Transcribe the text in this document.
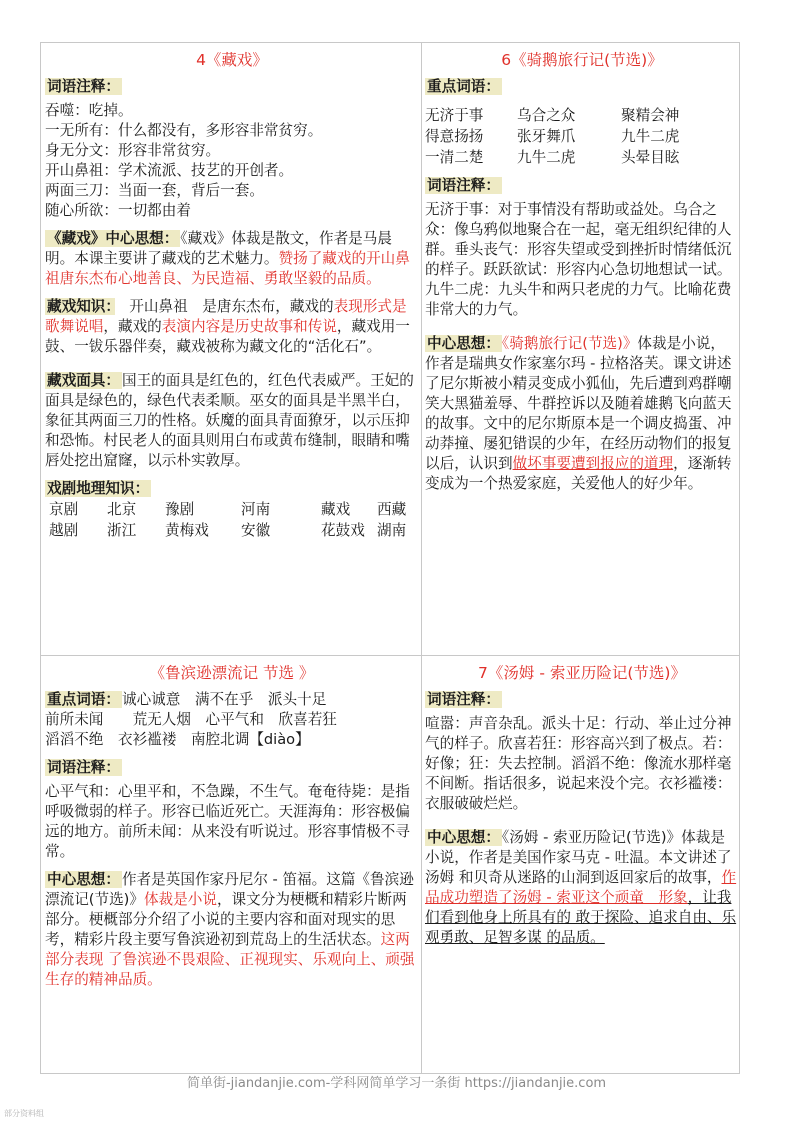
4《藏戏》
词语注释：
吞噬：吃掉。
一无所有：什么都没有，多形容非常贫穷。
身无分文：形容非常贫穷。
开山鼻祖：学术流派、技艺的开创者。
两面三刀：当面一套，背后一套。
随心所欲：一切都由着
《藏戏》中心思想： 《藏戏》体裁是散文，作者是马晨明。本课主要讲了藏戏的艺术魅力。赞扬了藏戏的开山鼻祖唐东杰布心地善良、为民造福、勇敢坚毅的品质。
藏戏知识：　 开山鼻祖　是唐东杰布，藏戏的表现形式是歌舞说唱，藏戏的表演内容是历史故事和传说，藏戏用一鼓、一钹乐器伴奏，藏戏被称为藏文化的“活化石”。
藏戏面具： 国王的面具是红色的，红色代表威严。王妃的面具是绿色的，绿色代表柔顺。巫女的面具是半黑半白，象征其两面三刀的性格。妖魔的面具青面獠牙，以示压抑和恐怖。村民老人的面具则用白布或黄布缝制，眼睛和嘴唇处挖出窟窿，以示朴实敦厚。
戏剧地理知识：
京剧	北京	豫剧	河南	藏戏	西藏
越剧	浙江	黄梅戏	安徽	花鼓戏 湖南
6《骑鹅旅行记(节选)》
重点词语：
无济于事	乌合之众	聚精会神
得意扬扬	张牙舞爪	九牛二虎
一清二楚	九牛二虎	头晕目眩
词语注释：
无济于事：对于事情没有帮助或益处。乌合之众：像乌鸦似地聚合在一起，毫无组织纪律的人群。垂头丧气：形容失望或受到挫折时情绪低沉的样子。跃跃欲试：形容内心急切地想试一试。九牛二虎：九头牛和两只老虎的力气。比喻花费非常大的力气。
中心思想： 《骑鹅旅行记(节选)》体裁是小说，作者是瑞典女作家塞尔玛 - 拉格洛芙。课文讲述了尼尔斯被小精灵变成小狐仙，先后遭到鸡群嘲笑大黑猫羞辱、牛群控诉以及随着雄鹅飞向蓝天的故事。文中的尼尔斯原本是一个调皮捣蛋、冲动莽撞、屡犯错误的少年，在经历动物们的报复以后，认识到做坏事要遭到报应的道理，逐渐转变成为一个热爱家庭，关爱他人的好少年。
《鲁滨逊漂流记 节选 》
重点词语： 诚心诚意　满不在乎　派头十足
前所未闻　　荒无人烟　心平气和　欣喜若狂
滔滔不绝　衣衫褴褛　南腔北调【diào】
词语注释：
心平气和：心里平和，不急躁，不生气。奄奄待毙：是指呼吸微弱的样子。形容已临近死亡。天涯海角：形容极偏远的地方。前所未闻：从来没有听说过。形容事情极不寻常。
中心思想： 作者是英国作家丹尼尔 - 笛福。这篇《鲁滨逊漂流记(节选)》体裁是小说，课文分为梗概和精彩片断两部分。梗概部分介绍了小说的主要内容和面对现实的思考，精彩片段主要写鲁滨逊初到荒岛上的生活状态。这两部分表现 了鲁滨逊不畏艰险、正视现实、乐观向上、顽强生存的精神品质。
7《汤姆 - 索亚历险记(节选)》
词语注释：
喧嚣：声音杂乱。派头十足：行动、举止过分神气的样子。欣喜若狂：形容高兴到了极点。若：好像；狂：失去控制。滔滔不绝：像流水那样毫不间断。指话很多，说起来没个完。衣衫褴褛：衣服破破烂烂。
中心思想： 《汤姆 - 索亚历险记(节选)》体裁是小说，作者是美国作家马克 - 吐温。本文讲述了 汤姆 和贝奇从迷路的山洞到返回家后的故事，作品成功塑造了汤姆 - 索亚这个顽童　形象，让我们看到他身上所具有的 敢于探险、追求自由、乐观勇敢、足智多谋 的品质。
简单街-jiandanjie.com-学科网简单学习一条街 https://jiandanjie.com
部分资料组
